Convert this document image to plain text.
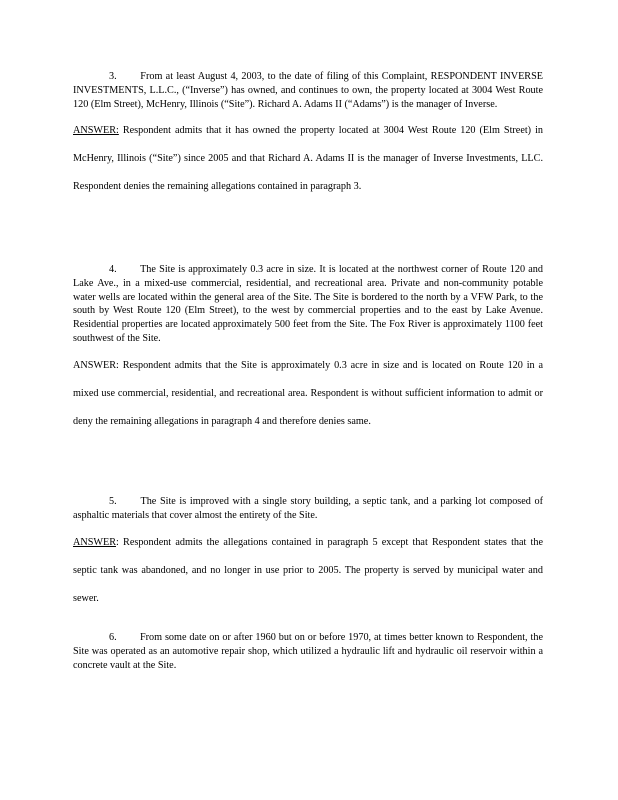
3.   From at least August 4, 2003, to the date of filing of this Complaint, RESPONDENT INVERSE INVESTMENTS, L.L.C., (“Inverse”) has owned, and continues to own, the property located at 3004 West Route 120 (Elm Street), McHenry, Illinois (“Site”). Richard A. Adams II (“Adams”) is the manager of Inverse.

ANSWER: Respondent admits that it has owned the property located at 3004 West Route 120 (Elm Street) in McHenry, Illinois (“Site”) since 2005 and that Richard A. Adams II is the manager of Inverse Investments, LLC. Respondent denies the remaining allegations contained in paragraph 3.

4.   The Site is approximately 0.3 acre in size. It is located at the northwest corner of Route 120 and Lake Ave., in a mixed-use commercial, residential, and recreational area. Private and non-community potable water wells are located within the general area of the Site. The Site is bordered to the north by a VFW Park, to the south by West Route 120 (Elm Street), to the west by commercial properties and to the east by Lake Avenue. Residential properties are located approximately 500 feet from the Site. The Fox River is approximately 1100 feet southwest of the Site.

ANSWER: Respondent admits that the Site is approximately 0.3 acre in size and is located on Route 120 in a mixed use commercial, residential, and recreational area. Respondent is without sufficient information to admit or deny the remaining allegations in paragraph 4 and therefore denies same.

5.   The Site is improved with a single story building, a septic tank, and a parking lot composed of asphaltic materials that cover almost the entirety of the Site.

ANSWER: Respondent admits the allegations contained in paragraph 5 except that Respondent states that the septic tank was abandoned, and no longer in use prior to 2005. The property is served by municipal water and sewer.

6.   From some date on or after 1960 but on or before 1970, at times better known to Respondent, the Site was operated as an automotive repair shop, which utilized a hydraulic lift and hydraulic oil reservoir within a concrete vault at the Site.
